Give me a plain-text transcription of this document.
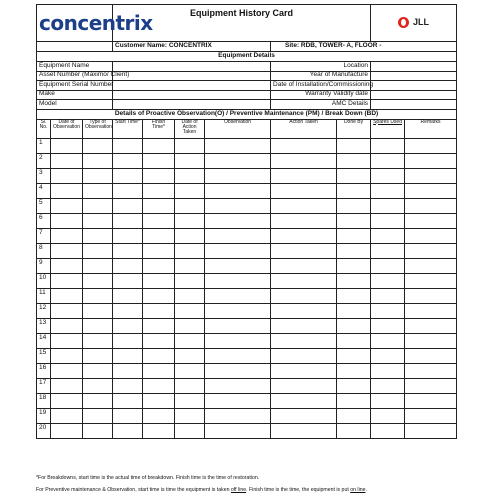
concentrix			Equipment History Card						JLL	
			Customer Name: CONCENTRIX				Site: RDB, TOWER- A, FLOOR -			
Equipment Details										
Equipment Name							Location			
Asset Number (Maximo/ Client)							Year of Manufacture			
Equipment Serial Number							Date of Installation/Commissioning			
Make							Warranty Validity date			
Model							AMC Details			
Details of Proactive Observation(O) / Preventive Maintenance (PM) / Break Down (BD)										
Sl. No.	Date of Observation	Type of Observation	Start Time*	Finish Time*	Date of Action Taken	Observation	Action Taken	Done By	Spares Used	Remarks
1										
2										
3										
4										
5										
6										
7										
8										
9										
10										
11										
12										
13										
14										
15										
16										
17										
18										
19										
20										
*For Breakdowns, start time is the actual time of breakdown. Finish time is the time of restoration.
For Preventive maintenance & Observation, start time is time the equipment is taken off line. Finish time is the time, the equipment is put on line.
